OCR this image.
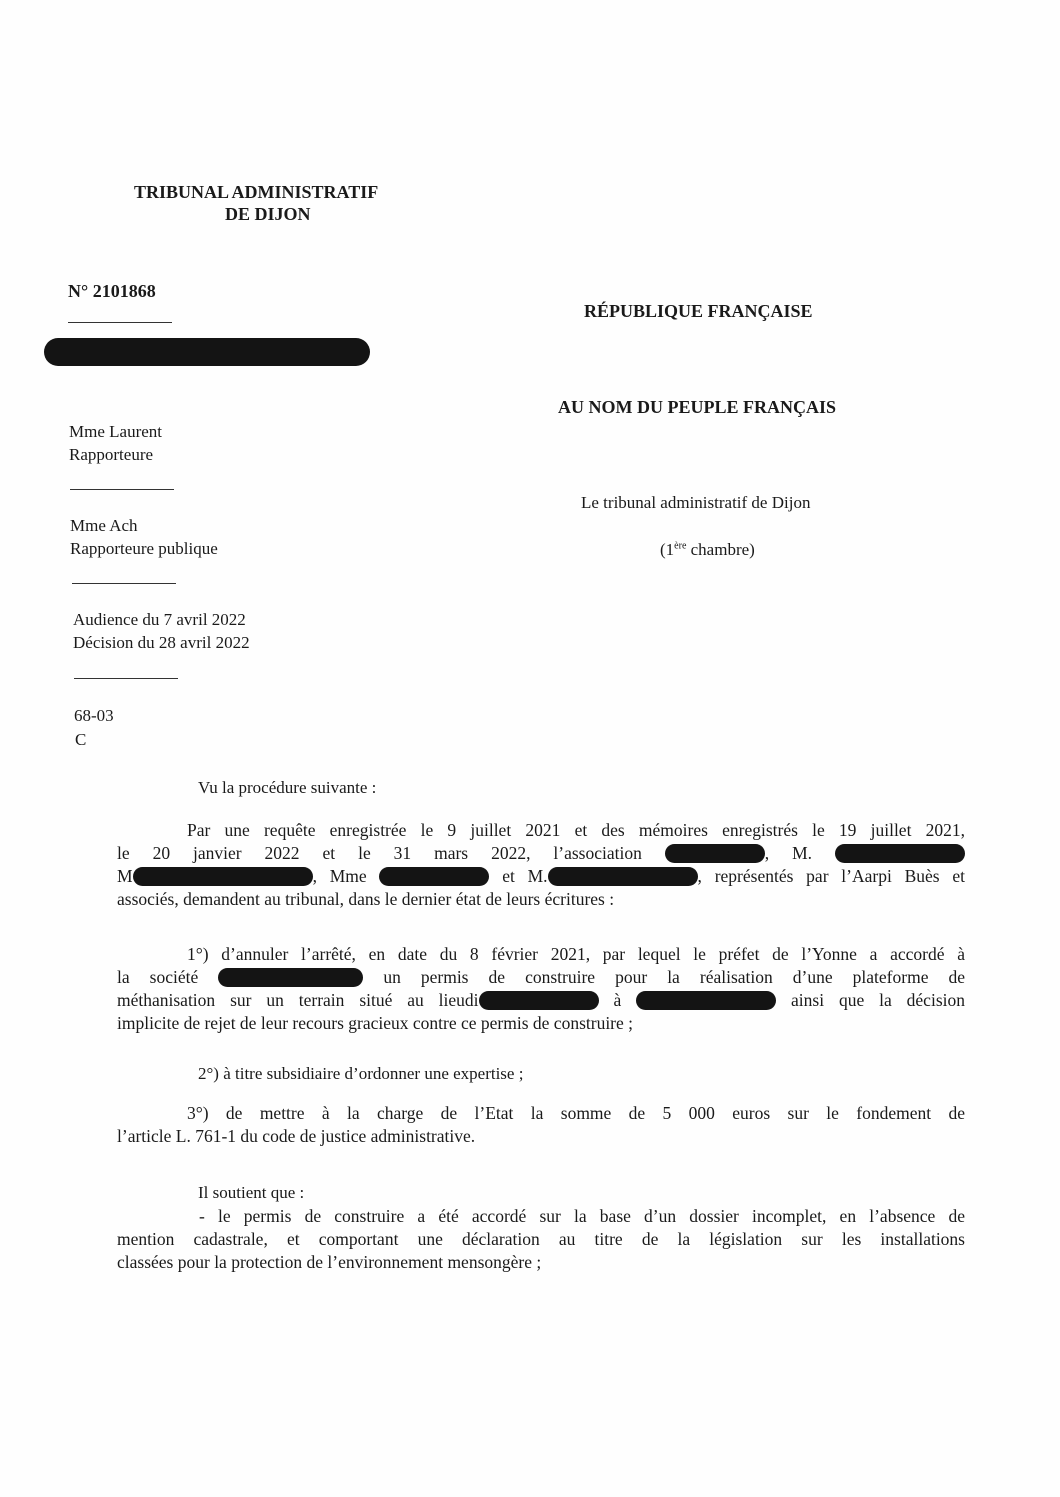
TRIBUNAL ADMINISTRATIF
DE DIJON
N° 2101868
Mme Laurent
Rapporteure
Mme Ach
Rapporteure publique
Audience du 7 avril 2022
Décision du 28 avril 2022
68-03
C
RÉPUBLIQUE FRANÇAISE
AU NOM DU PEUPLE FRANÇAIS
Le tribunal administratif de Dijon
(1ère chambre)
Vu la procédure suivante :
Par une requête enregistrée le 9 juillet 2021 et des mémoires enregistrés le 19 juillet 2021,
le 20 janvier 2022 et le 31 mars 2022, l’association	, M.
M	, Mme	et M.	, représentés par l’Aarpi Buès et
associés, demandent au tribunal, dans le dernier état de leurs écritures :
1°) d’annuler l’arrêté, en date du 8 février 2021, par lequel le préfet de l’Yonne a accordé à
la société	un permis de construire pour la réalisation d’une plateforme de
méthanisation sur un terrain situé au lieudi	à	ainsi que la décision
implicite de rejet de leur recours gracieux contre ce permis de construire ;
2°) à titre subsidiaire d’ordonner une expertise ;
3°) de mettre à la charge de l’Etat la somme de 5 000 euros sur le fondement de
l’article L. 761-1 du code de justice administrative.
Il soutient que :
- le permis de construire a été accordé sur la base d’un dossier incomplet, en l’absence de
mention cadastrale, et comportant une déclaration au titre de la législation sur les installations
classées pour la protection de l’environnement mensongère ;
